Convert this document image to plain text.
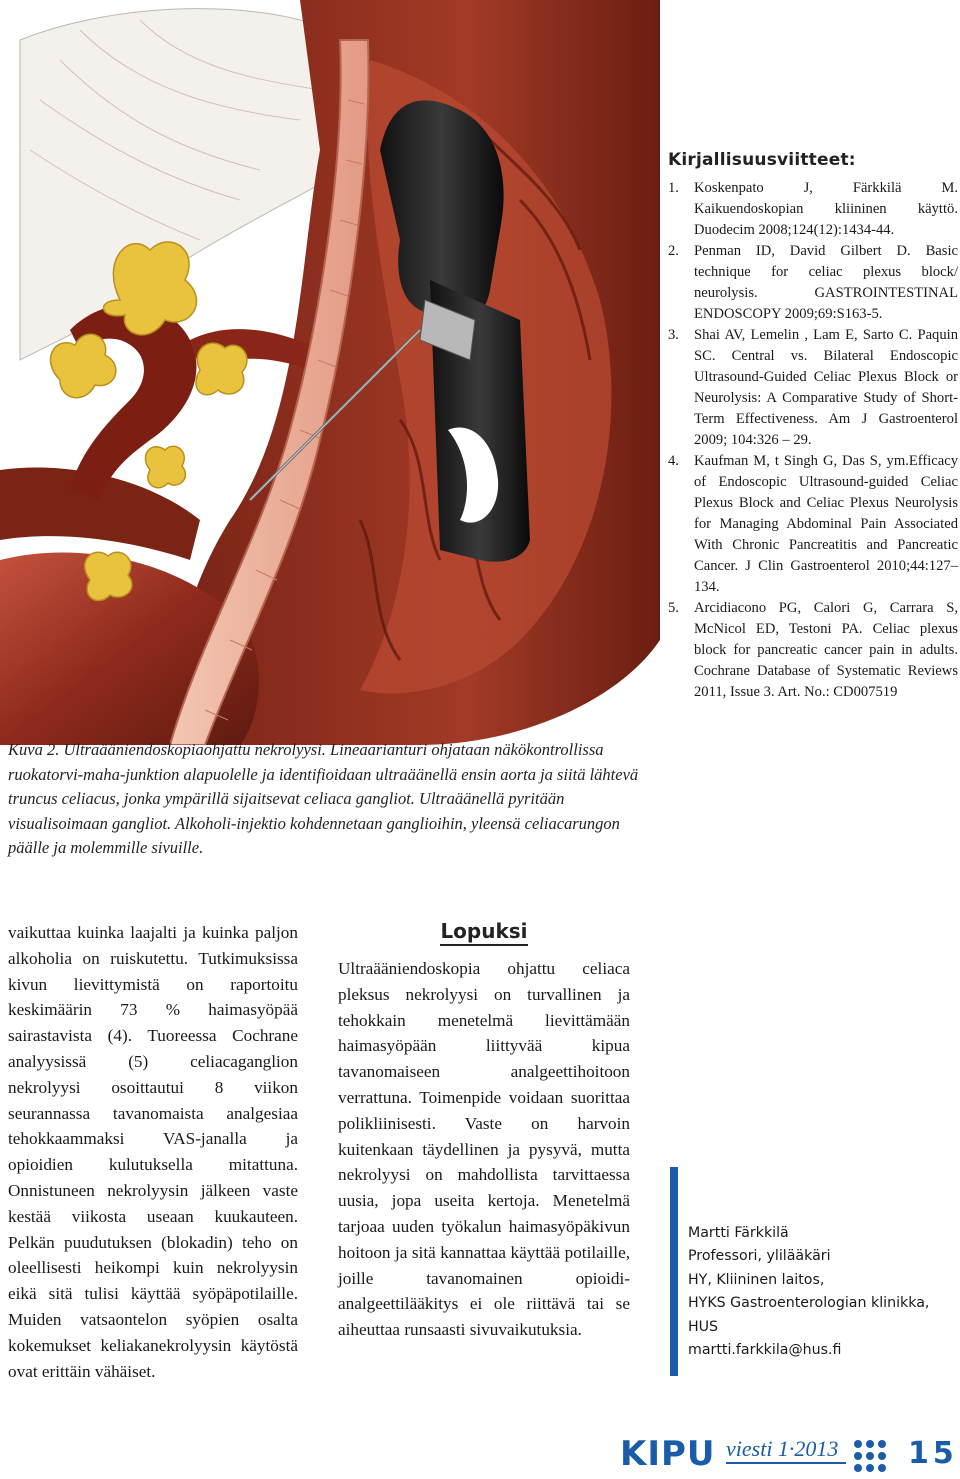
Kuva 2. Ultraääniendoskopiaohjattu nekrolyysi. Lineaarianturi ohjataan näkökontrollissa ruokatorvi-maha-junktion alapuolelle ja identifioidaan ultraäänellä ensin aorta ja siitä lähtevä truncus celiacus, jonka ympärillä sijaitsevat celiaca gangliot. Ultraäänellä pyritään visualisoimaan gangliot. Alkoholi-injektio kohdennetaan ganglioihin, yleensä celiacarungon päälle ja molemmille sivuille.
Kirjallisuusviitteet:
1.	Koskenpato J, Färkkilä M. Kaikuendoskopian kliininen käyttö. Duodecim 2008;124(12):1434-44.
2.	Penman ID, David Gilbert D. Basic technique for celiac plexus block/ neurolysis. GASTROINTESTINAL ENDOSCOPY 2009;69:S163-5.
3.	Shai AV, Lemelin , Lam E, Sarto C. Paquin SC. Central vs. Bilateral Endoscopic Ultrasound-Guided Celiac Plexus Block or Neurolysis: A Comparative Study of Short-Term Effectiveness. Am J Gastroenterol 2009; 104:326 – 29.
4.	Kaufman M, t Singh G, Das S, ym.Efficacy of Endoscopic Ultrasound-guided Celiac Plexus Block and Celiac Plexus Neurolysis for Managing Abdominal Pain Associated With Chronic Pancreatitis and Pancreatic Cancer. J Clin Gastroenterol 2010;44:127–134.
5.	Arcidiacono PG, Calori G, Carrara S, McNicol ED, Testoni PA. Celiac plexus block for pancreatic cancer pain in adults. Cochrane Database of Systematic Reviews 2011, Issue 3. Art. No.: CD007519

vaikuttaa kuinka laajalti ja kuinka paljon alkoholia on ruiskutettu. Tutkimuksissa kivun lievittymistä on raportoitu keskimäärin 73 % haimasyöpää sairastavista (4). Tuoreessa Cochrane analyysissä (5) celiacaganglion nekrolyysi osoittautui 8 viikon seurannassa tavanomaista analgesiaa tehokkaammaksi VAS-janalla ja opioidien kulutuksella mitattuna. Onnistuneen nekrolyysin jälkeen vaste kestää viikosta useaan kuukauteen. Pelkän puudutuksen (blokadin) teho on oleellisesti heikompi kuin nekrolyysin eikä sitä tulisi käyttää syöpäpotilaille. Muiden vatsaontelon syöpien osalta kokemukset keliakanekrolyysin käytöstä ovat erittäin vähäiset.

Lopuksi

Ultraääniendoskopia ohjattu celiaca pleksus nekrolyysi on turvallinen ja tehokkain menetelmä lievittämään haimasyöpään liittyvää kipua tavanomaiseen analgeettihoitoon verrattuna. Toimenpide voidaan suorittaa polikliinisesti. Vaste on harvoin kuitenkaan täydellinen ja pysyvä, mutta nekrolyysi on mahdollista tarvittaessa uusia, jopa useita kertoja. Menetelmä tarjoaa uuden työkalun haimasyöpäkivun hoitoon ja sitä kannattaa käyttää potilaille, joille tavanomainen opioidi-analgeettilääkitys ei ole riittävä tai se aiheuttaa runsaasti sivuvaikutuksia.

Martti Färkkilä
Professori, ylilääkäri
HY, Kliininen laitos,
HYKS Gastroenterologian klinikka,
HUS
martti.farkkila@hus.fi
KIPU viesti 1·2013 15
